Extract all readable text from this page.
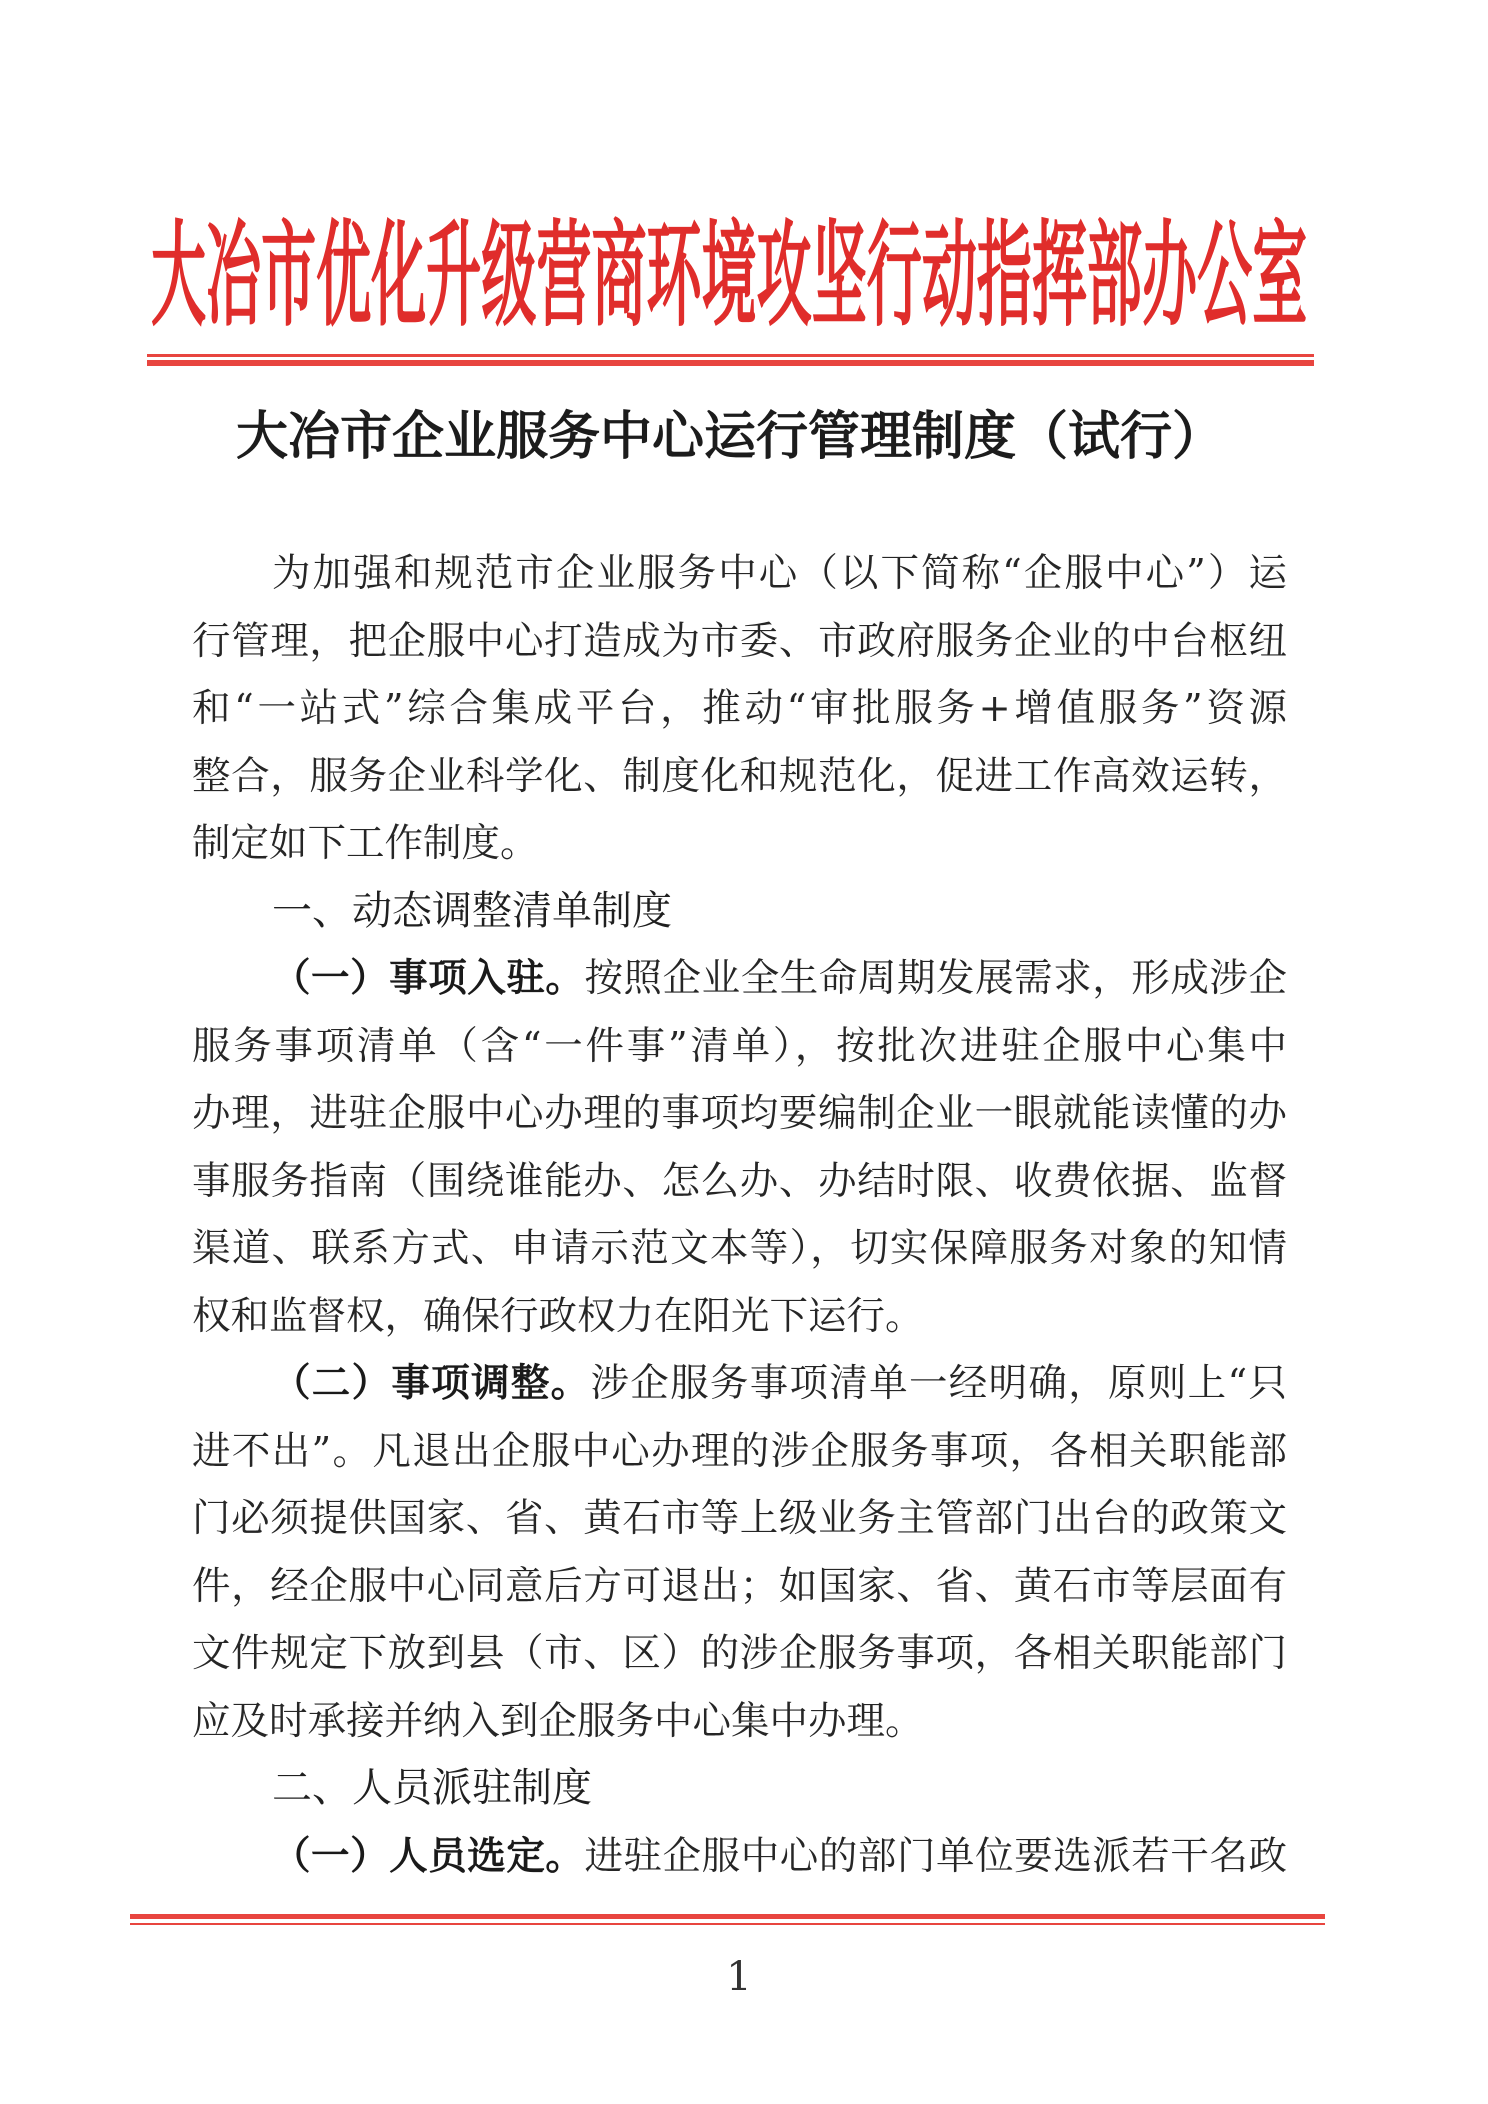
大冶市优化升级营商环境攻坚行动指挥部办公室
大冶市企业服务中心运行管理制度（试行）
为加强和规范市企业服务中心（以下简称“企服中心”）运
行管理，把企服中心打造成为市委、市政府服务企业的中台枢纽
和“一站式”综合集成平台，推动“审批服务+增值服务”资源
整合，服务企业科学化、制度化和规范化，促进工作高效运转，
制定如下工作制度。
一、动态调整清单制度
（一）事项入驻。按照企业全生命周期发展需求，形成涉企
服务事项清单（含“一件事”清单），按批次进驻企服中心集中
办理，进驻企服中心办理的事项均要编制企业一眼就能读懂的办
事服务指南（围绕谁能办、怎么办、办结时限、收费依据、监督
渠道、联系方式、申请示范文本等），切实保障服务对象的知情
权和监督权，确保行政权力在阳光下运行。
（二）事项调整。涉企服务事项清单一经明确，原则上“只
进不出”。凡退出企服中心办理的涉企服务事项，各相关职能部
门必须提供国家、省、黄石市等上级业务主管部门出台的政策文
件，经企服中心同意后方可退出；如国家、省、黄石市等层面有
文件规定下放到县（市、区）的涉企服务事项，各相关职能部门
应及时承接并纳入到企服务中心集中办理。
二、人员派驻制度
（一）人员选定。进驻企服中心的部门单位要选派若干名政
1
